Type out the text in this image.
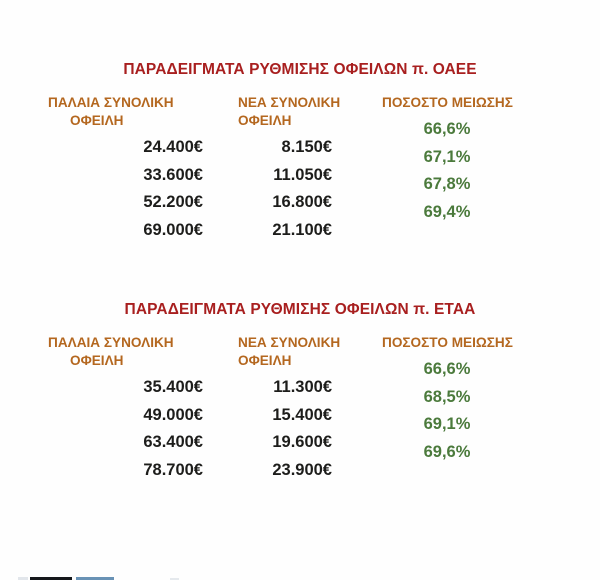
ΠΑΡΑΔΕΙΓΜΑΤΑ ΡΥΘΜΙΣΗΣ ΟΦΕΙΛΩΝ π. ΟΑΕΕ
ΠΑΛΑΙΑ ΣΥΝΟΛΙΚΗ
ΟΦΕΙΛΗ
24.400€
33.600€
52.200€
69.000€
ΝΕΑ ΣΥΝΟΛΙΚΗ
ΟΦΕΙΛΗ
8.150€
11.050€
16.800€
21.100€
ΠΟΣΟΣΤΟ ΜΕΙΩΣΗΣ
66,6%
67,1%
67,8%
69,4%
ΠΑΡΑΔΕΙΓΜΑΤΑ ΡΥΘΜΙΣΗΣ ΟΦΕΙΛΩΝ π. ΕΤΑΑ
ΠΑΛΑΙΑ ΣΥΝΟΛΙΚΗ
ΟΦΕΙΛΗ
35.400€
49.000€
63.400€
78.700€
ΝΕΑ ΣΥΝΟΛΙΚΗ
ΟΦΕΙΛΗ
11.300€
15.400€
19.600€
23.900€
ΠΟΣΟΣΤΟ ΜΕΙΩΣΗΣ
66,6%
68,5%
69,1%
69,6%
